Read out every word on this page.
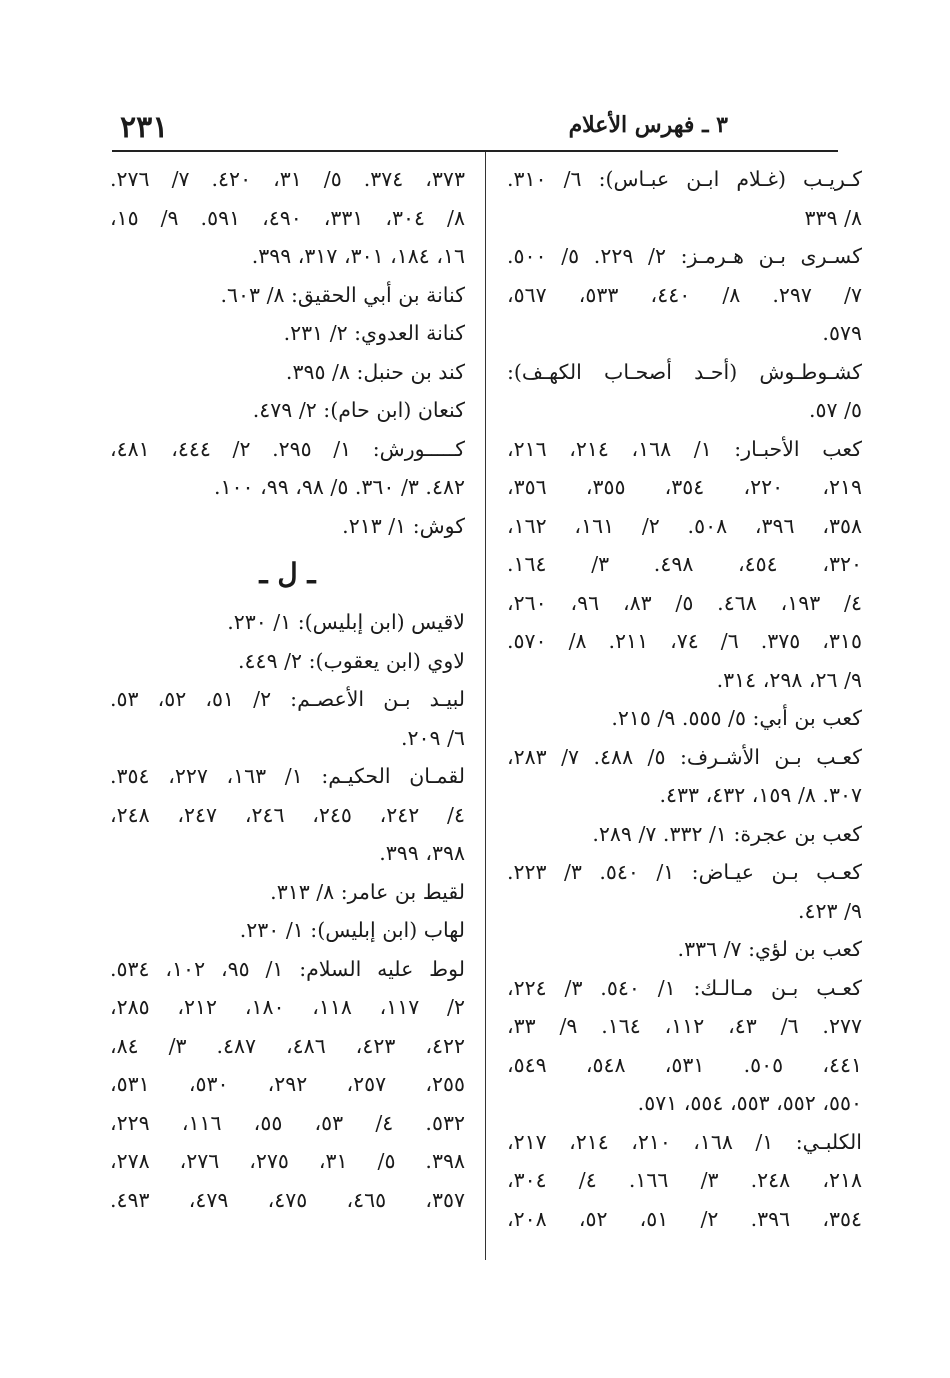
٢٣١	٣ ـ فهرس الأعلام
كـريـب (غـلام ابـن عبـاس): ٦/ ٣١٠.
٨/ ٣٣٩
كسـرى بـن هـرمـز: ٢/ ٢٢٩. ٥/ ٥٠٠.
٧/ ٢٩٧. ٨/ ٤٤٠، ٥٣٣، ٥٦٧،
٥٧٩.
كشـوطـوش (أحـد أصحـاب الكهـف):
٥/ ٥٧.
كعب الأحبـار: ١/ ١٦٨، ٢١٤، ٢١٦،
٢١٩، ٢٢٠، ٣٥٤، ٣٥٥، ٣٥٦،
٣٥٨، ٣٩٦، ٥٠٨. ٢/ ١٦١، ١٦٢،
٣٢٠، ٤٥٤، ٤٩٨. ٣/ ١٦٤.
٤/ ١٩٣، ٤٦٨. ٥/ ٨٣، ٩٦، ٢٦٠،
٣١٥، ٣٧٥. ٦/ ٧٤، ٢١١. ٨/ ٥٧٠.
٩/ ٢٦، ٢٩٨، ٣١٤.
كعب بن أبي: ٥/ ٥٥٥. ٩/ ٢١٥.
كعـب بـن الأشـرف: ٥/ ٤٨٨. ٧/ ٢٨٣،
٣٠٧. ٨/ ١٥٩، ٤٣٢، ٤٣٣.
كعب بن عجرة: ١/ ٣٣٢. ٧/ ٢٨٩.
كعـب بـن عيـاض: ١/ ٥٤٠. ٣/ ٢٢٣.
٩/ ٤٢٣.
كعب بن لؤي: ٧/ ٣٣٦.
كعـب بـن مـالـك: ١/ ٥٤٠. ٣/ ٢٢٤،
٢٧٧. ٦/ ٤٣، ١١٢، ١٦٤. ٩/ ٣٣،
٤٤١، ٥٠٥. ٥٣١، ٥٤٨، ٥٤٩،
٥٥٠، ٥٥٢، ٥٥٣، ٥٥٤، ٥٧١.
الكلبـي: ١/ ١٦٨، ٢١٠، ٢١٤، ٢١٧،
٢١٨، ٢٤٨. ٣/ ١٦٦. ٤/ ٣٠٤،
٣٥٤، ٣٩٦. ٢/ ٥١، ٥٢، ٢٠٨،
٣٧٣، ٣٧٤. ٥/ ٣١، ٤٢٠. ٧/ ٢٧٦.
٨/ ٣٠٤، ٣٣١، ٤٩٠، ٥٩١. ٩/ ١٥،
١٦، ١٨٤، ٣٠١، ٣١٧، ٣٩٩.
كنانة بن أبي الحقيق: ٨/ ٦٠٣.
كنانة العدوي: ٢/ ٢٣١.
كند بن حنبل: ٨/ ٣٩٥.
كنعان (ابن حام): ٢/ ٤٧٩.
كـــــورش: ١/ ٢٩٥. ٢/ ٤٤٤، ٤٨١،
٤٨٢. ٣/ ٣٦٠. ٥/ ٩٨، ٩٩، ١٠٠.
كوش: ١/ ٢١٣.
ـ ل ـ
لاقيس (ابن إبليس): ١/ ٢٣٠.
لاوي (ابن يعقوب): ٢/ ٤٤٩.
لبيـد بـن الأعصـم: ٢/ ٥١، ٥٢، ٥٣.
٦/ ٢٠٩.
لقمـان الحكيـم: ١/ ١٦٣، ٢٢٧، ٣٥٤.
٤/ ٢٤٢، ٢٤٥، ٢٤٦، ٢٤٧، ٢٤٨،
٣٩٨، ٣٩٩.
لقيط بن عامر: ٨/ ٣١٣.
لهاب (ابن إبليس): ١/ ٢٣٠.
لوط عليه السلام: ١/ ٩٥، ١٠٢، ٥٣٤.
٢/ ١١٧، ١١٨، ١٨٠، ٢١٢، ٢٨٥،
٤٢٢، ٤٢٣، ٤٨٦، ٤٨٧. ٣/ ٨٤،
٢٥٥، ٢٥٧، ٢٩٢، ٥٣٠، ٥٣١،
٥٣٢. ٤/ ٥٣، ٥٥، ١١٦، ٢٢٩،
٣٩٨. ٥/ ٣١، ٢٧٥، ٢٧٦، ٢٧٨،
٣٥٧، ٤٦٥، ٤٧٥، ٤٧٩، ٤٩٣.
